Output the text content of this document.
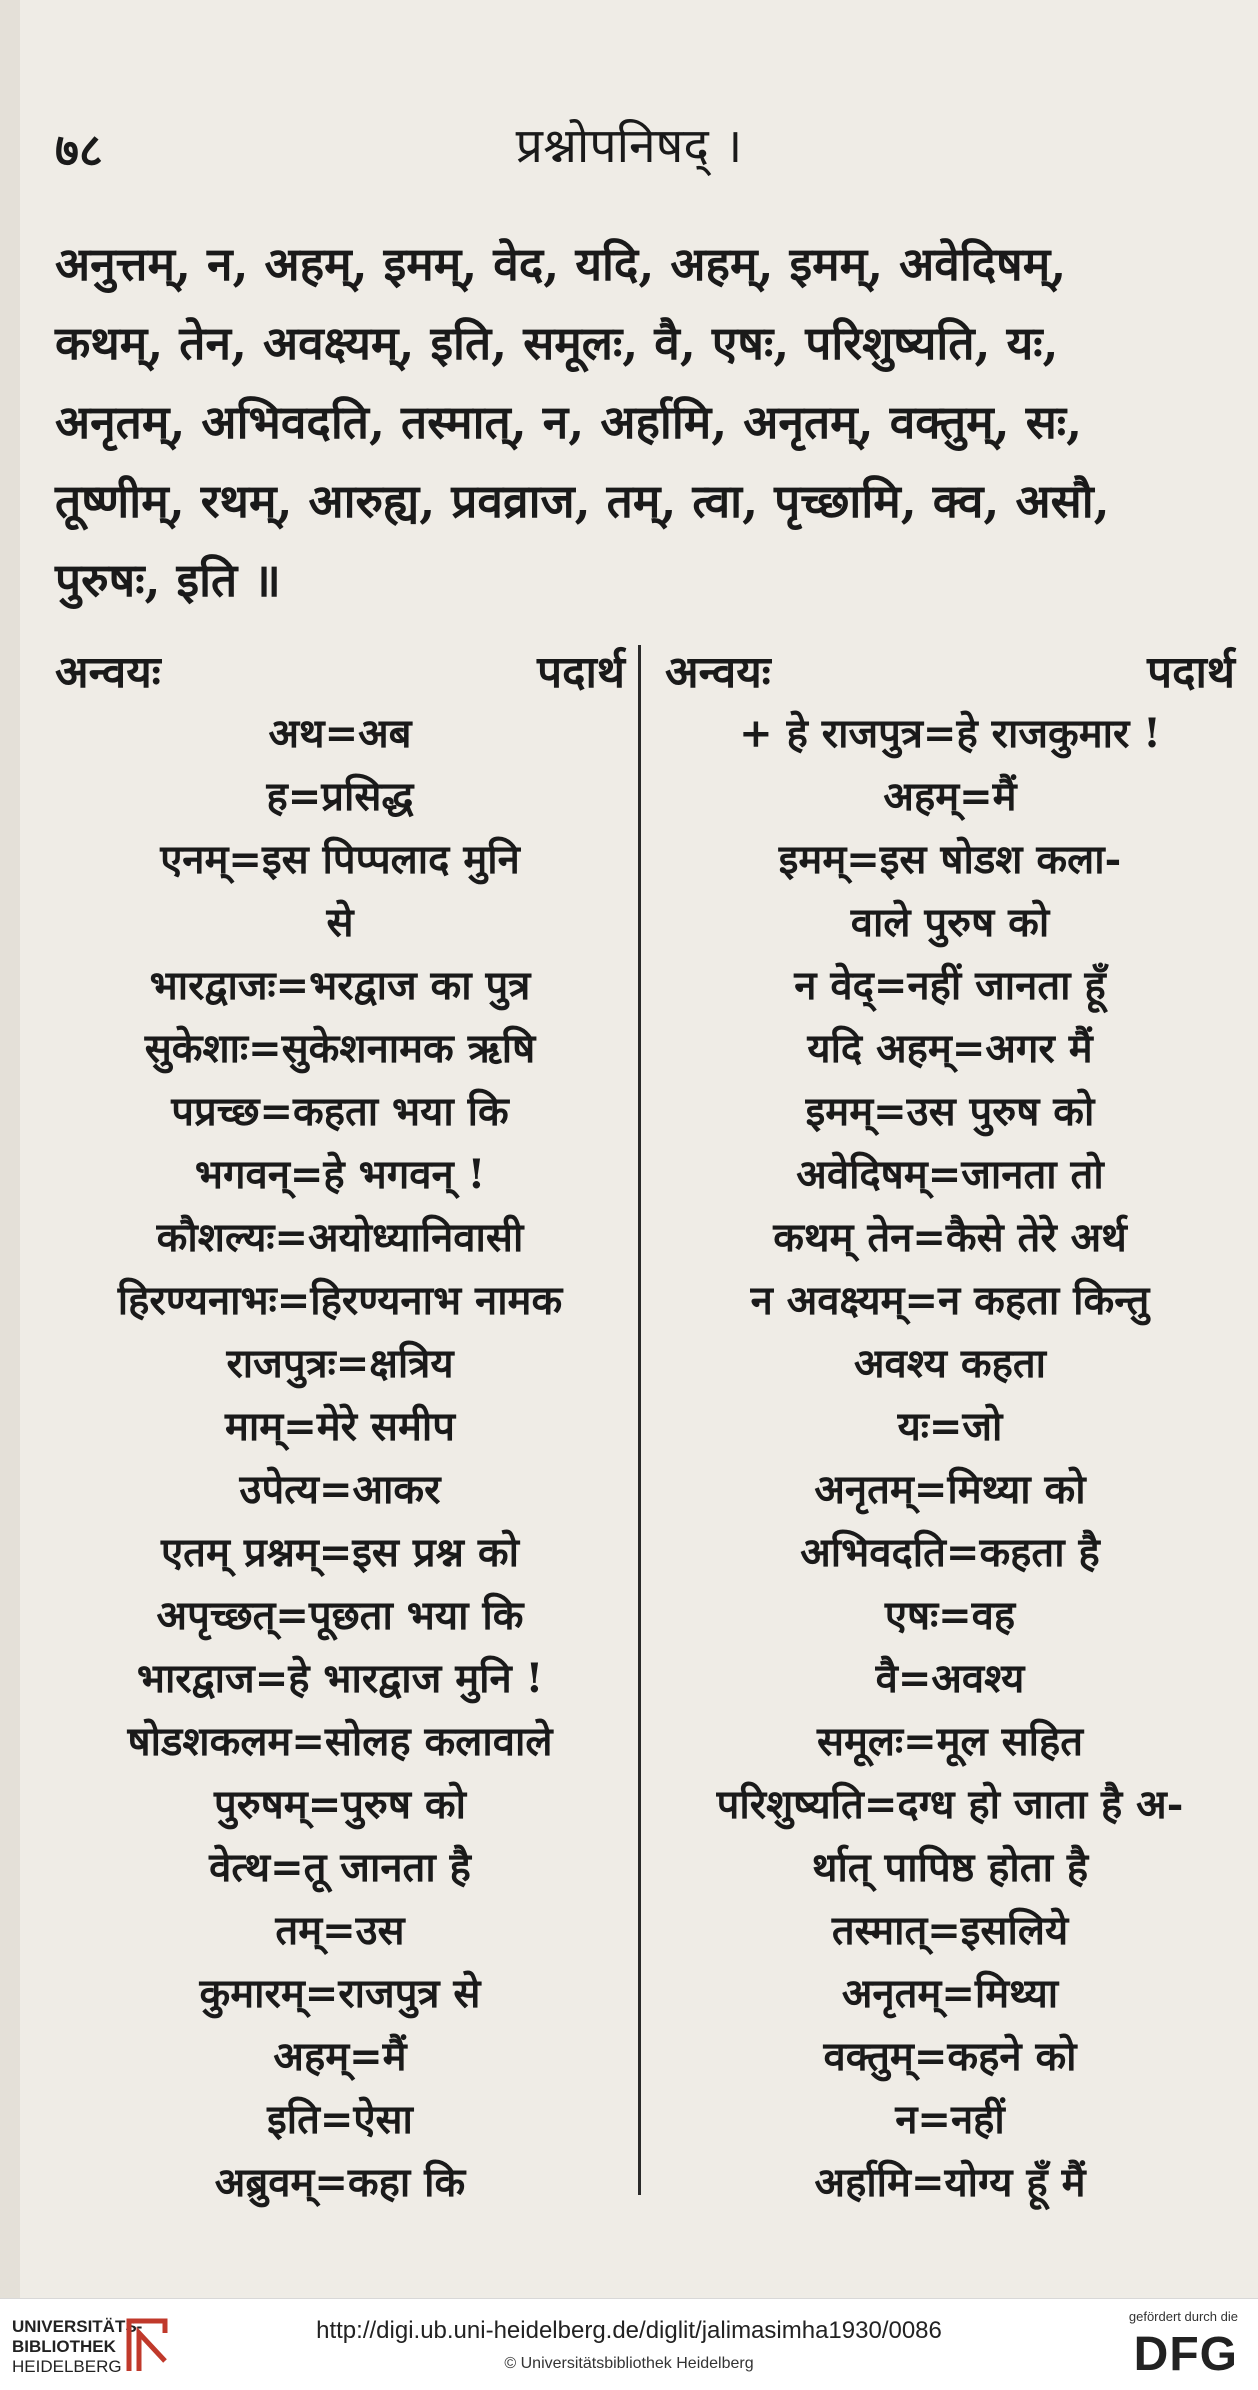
७८	प्रश्नोपनिषद् ।
अनुत्तम्, न, अहम्, इमम्, वेद, यदि, अहम्, इमम्, अवेदिषम्,
कथम्, तेन, अवक्ष्यम्, इति, समूलः, वै, एषः, परिशुष्यति, यः,
अनृतम्, अभिवदति, तस्मात्, न, अर्हामि, अनृतम्, वक्तुम्, सः,
तूष्णीम्, रथम्, आरुह्य, प्रवव्राज, तम्, त्वा, पृच्छामि, क्व, असौ,
पुरुषः, इति ॥
अन्वयः	पदार्थ
अथ=अब
ह=प्रसिद्ध
एनम्=इस पिप्पलाद मुनि
से
भारद्वाजः=भरद्वाज का पुत्र
सुकेशाः=सुकेशनामक ऋषि
पप्रच्छ=कहता भया कि
भगवन्=हे भगवन् !
कौशल्यः=अयोध्यानिवासी
हिरण्यनाभः=हिरण्यनाभ नामक
राजपुत्रः=क्षत्रिय
माम्=मेरे समीप
उपेत्य=आकर
एतम् प्रश्नम्=इस प्रश्न को
अपृच्छत्=पूछता भया कि
भारद्वाज=हे भारद्वाज मुनि !
षोडशकलम=सोलह कलावाले
पुरुषम्=पुरुष को
वेत्थ=तू जानता है
तम्=उस
कुमारम्=राजपुत्र से
अहम्=मैं
इति=ऐसा
अब्रुवम्=कहा कि
अन्वयः	पदार्थ
+ हे राजपुत्र=हे राजकुमार !
अहम्=मैं
इमम्=इस षोडश कला-
वाले पुरुष को
न वेद्=नहीं जानता हूँ
यदि अहम्=अगर मैं
इमम्=उस पुरुष को
अवेदिषम्=जानता तो
कथम् तेन=कैसे तेरे अर्थ
न अवक्ष्यम्=न कहता किन्तु
अवश्य कहता
यः=जो
अनृतम्=मिथ्या को
अभिवदति=कहता है
एषः=वह
वै=अवश्य
समूलः=मूल सहित
परिशुष्यति=दग्ध हो जाता है अ-
र्थात् पापिष्ठ होता है
तस्मात्=इसलिये
अनृतम्=मिथ्या
वक्तुम्=कहने को
न=नहीं
अर्हामि=योग्य हूँ मैं
UNIVERSITÄTS-
BIBLIOTHEK
HEIDELBERG
http://digi.ub.uni-heidelberg.de/diglit/jalimasimha1930/0086
© Universitätsbibliothek Heidelberg
gefördert durch die
DFG
